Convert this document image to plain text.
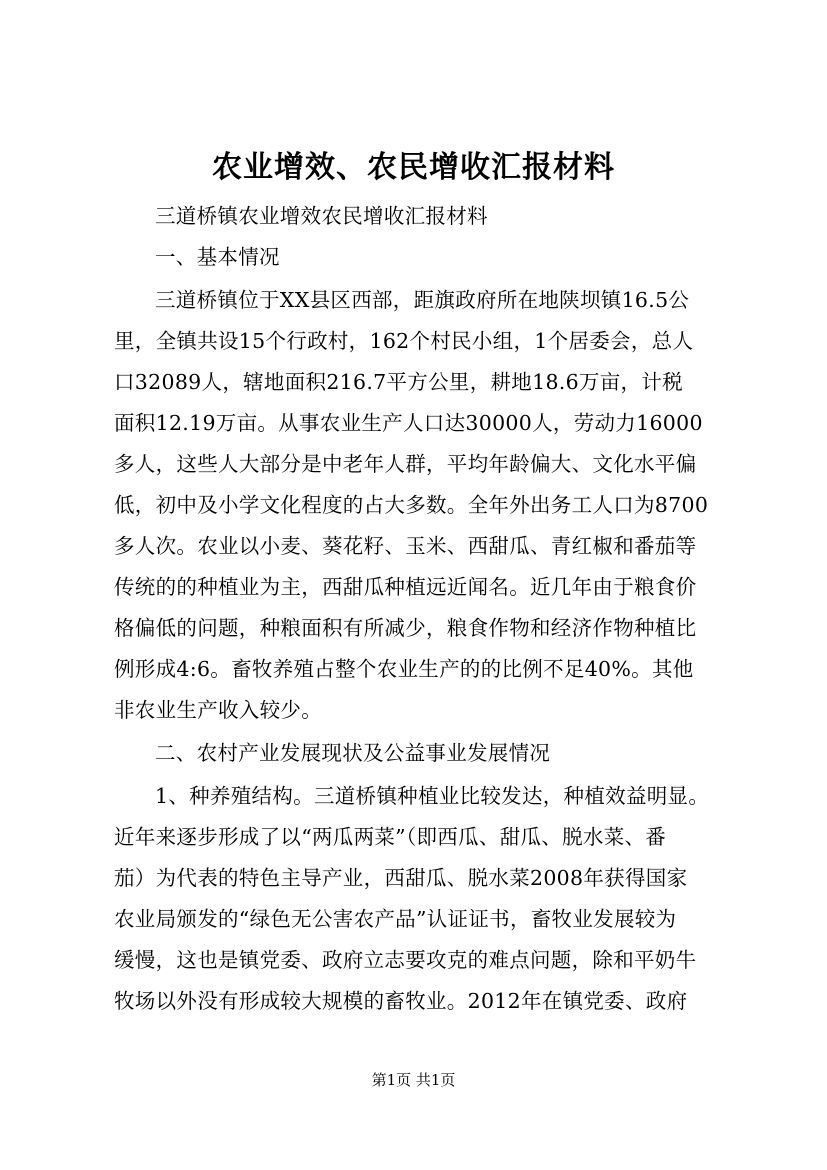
农业增效、农民增收汇报材料
三道桥镇农业增效农民增收汇报材料
一、基本情况
三道桥镇位于XX县区西部，距旗政府所在地陕坝镇16.5公
里，全镇共设15个行政村，162个村民小组，1个居委会，总人
口32089人，辖地面积216.7平方公里，耕地18.6万亩，计税
面积12.19万亩。从事农业生产人口达30000人，劳动力16000
多人，这些人大部分是中老年人群，平均年龄偏大、文化水平偏
低，初中及小学文化程度的占大多数。全年外出务工人口为8700
多人次。农业以小麦、葵花籽、玉米、西甜瓜、青红椒和番茄等
传统的的种植业为主，西甜瓜种植远近闻名。近几年由于粮食价
格偏低的问题，种粮面积有所减少，粮食作物和经济作物种植比
例形成4:6。畜牧养殖占整个农业生产的的比例不足40%。其他
非农业生产收入较少。
二、农村产业发展现状及公益事业发展情况
1、种养殖结构。三道桥镇种植业比较发达，种植效益明显。
近年来逐步形成了以“两瓜两菜”（即西瓜、甜瓜、脱水菜、番
茄）为代表的特色主导产业，西甜瓜、脱水菜2008年获得国家
农业局颁发的“绿色无公害农产品”认证证书，畜牧业发展较为
缓慢，这也是镇党委、政府立志要攻克的难点问题，除和平奶牛
牧场以外没有形成较大规模的畜牧业。2012年在镇党委、政府
第1页 共1页
